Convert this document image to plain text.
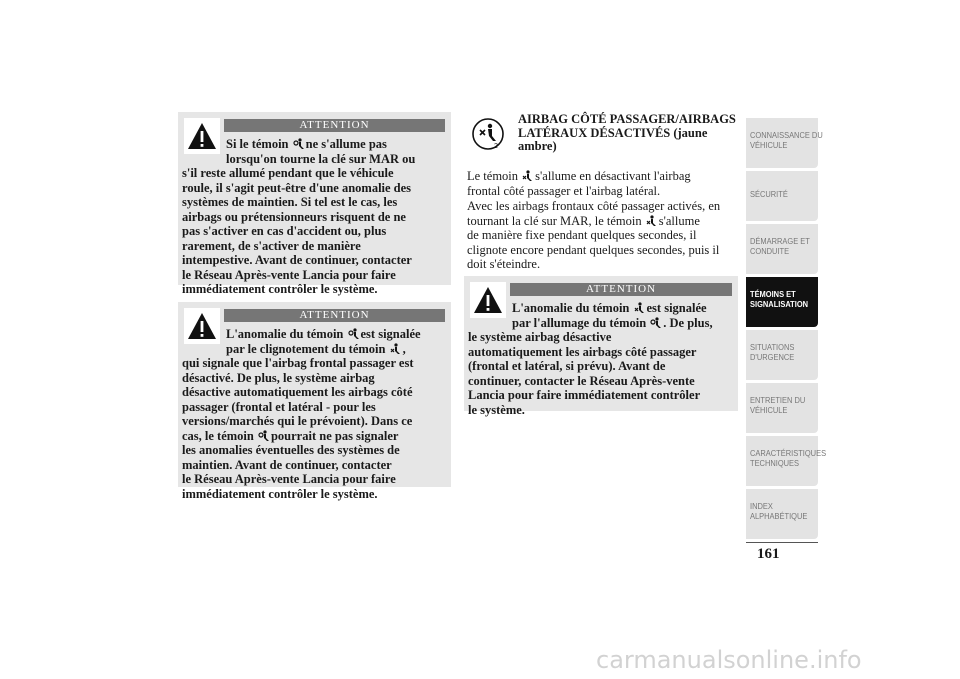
ATTENTION
Si le témoin ne s'allume pas
lorsqu'on tourne la clé sur MAR ou
s'il reste allumé pendant que le véhicule
roule, il s'agit peut-être d'une anomalie des
systèmes de maintien. Si tel est le cas, les
airbags ou prétensionneurs risquent de ne
pas s'activer en cas d'accident ou, plus
rarement, de s'activer de manière
intempestive. Avant de continuer, contacter
le Réseau Après-vente Lancia pour faire
immédiatement contrôler le système.
ATTENTION
L'anomalie du témoin est signalée
par le clignotement du témoin ,
qui signale que l'airbag frontal passager est
désactivé. De plus, le système airbag
désactive automatiquement les airbags côté
passager (frontal et latéral - pour les
versions/marchés qui le prévoient). Dans ce
cas, le témoin pourrait ne pas signaler
les anomalies éventuelles des systèmes de
maintien. Avant de continuer, contacter
le Réseau Après-vente Lancia pour faire
immédiatement contrôler le système.
2
AIRBAG CÔTÉ PASSAGER/AIRBAGS
LATÉRAUX DÉSACTIVÉS (jaune
ambre)
Le témoin s'allume en désactivant l'airbag
frontal côté passager et l'airbag latéral.
Avec les airbags frontaux côté passager activés, en
tournant la clé sur MAR, le témoin s'allume
de manière fixe pendant quelques secondes, il
clignote encore pendant quelques secondes, puis il
doit s'éteindre.
ATTENTION
L'anomalie du témoin est signalée
par l'allumage du témoin . De plus,
le système airbag désactive
automatiquement les airbags côté passager
(frontal et latéral, si prévu). Avant de
continuer, contacter le Réseau Après-vente
Lancia pour faire immédiatement contrôler
le système.
CONNAISSANCE DU
VÉHICULE
SÉCURITÉ
DÉMARRAGE ET
CONDUITE
TÉMOINS ET
SIGNALISATION
SITUATIONS
D'URGENCE
ENTRETIEN DU
VÉHICULE
CARACTÉRISTIQUES
TECHNIQUES
INDEX
ALPHABÉTIQUE
161
carmanualsonline.info
